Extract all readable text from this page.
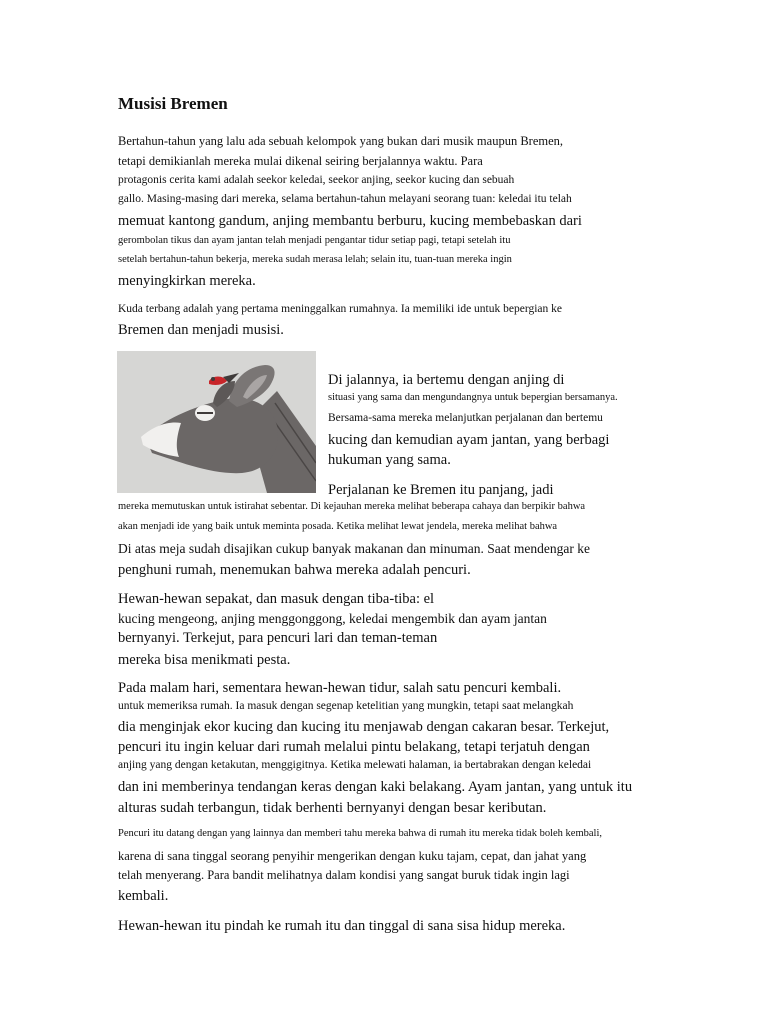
Musisi Bremen
Bertahun-tahun yang lalu ada sebuah kelompok yang bukan dari musik maupun Bremen,
tetapi demikianlah mereka mulai dikenal seiring berjalannya waktu. Para
protagonis cerita kami adalah seekor keledai, seekor anjing, seekor kucing dan sebuah
gallo. Masing-masing dari mereka, selama bertahun-tahun melayani seorang tuan: keledai itu telah
memuat kantong gandum, anjing membantu berburu, kucing membebaskan dari
gerombolan tikus dan ayam jantan telah menjadi pengantar tidur setiap pagi, tetapi setelah itu
setelah bertahun-tahun bekerja, mereka sudah merasa lelah; selain itu, tuan-tuan mereka ingin
menyingkirkan mereka.
Kuda terbang adalah yang pertama meninggalkan rumahnya. Ia memiliki ide untuk bepergian ke
Bremen dan menjadi musisi.
Di jalannya, ia bertemu dengan anjing di
situasi yang sama dan mengundangnya untuk bepergian bersamanya.
Bersama-sama mereka melanjutkan perjalanan dan bertemu
kucing dan kemudian ayam jantan, yang berbagi
hukuman yang sama.
Perjalanan ke Bremen itu panjang, jadi
mereka memutuskan untuk istirahat sebentar. Di kejauhan mereka melihat beberapa cahaya dan berpikir bahwa
akan menjadi ide yang baik untuk meminta posada. Ketika melihat lewat jendela, mereka melihat bahwa
Di atas meja sudah disajikan cukup banyak makanan dan minuman. Saat mendengar ke
penghuni rumah, menemukan bahwa mereka adalah pencuri.
Hewan-hewan sepakat, dan masuk dengan tiba-tiba: el
kucing mengeong, anjing menggonggong, keledai mengembik dan ayam jantan
bernyanyi. Terkejut, para pencuri lari dan teman-teman
mereka bisa menikmati pesta.
Pada malam hari, sementara hewan-hewan tidur, salah satu pencuri kembali.
untuk memeriksa rumah. Ia masuk dengan segenap ketelitian yang mungkin, tetapi saat melangkah
dia menginjak ekor kucing dan kucing itu menjawab dengan cakaran besar. Terkejut,
pencuri itu ingin keluar dari rumah melalui pintu belakang, tetapi terjatuh dengan
anjing yang dengan ketakutan, menggigitnya. Ketika melewati halaman, ia bertabrakan dengan keledai
dan ini memberinya tendangan keras dengan kaki belakang. Ayam jantan, yang untuk itu
alturas sudah terbangun, tidak berhenti bernyanyi dengan besar keributan.
Pencuri itu datang dengan yang lainnya dan memberi tahu mereka bahwa di rumah itu mereka tidak boleh kembali,
karena di sana tinggal seorang penyihir mengerikan dengan kuku tajam, cepat, dan jahat yang
telah menyerang. Para bandit melihatnya dalam kondisi yang sangat buruk tidak ingin lagi
kembali.
Hewan-hewan itu pindah ke rumah itu dan tinggal di sana sisa hidup mereka.
